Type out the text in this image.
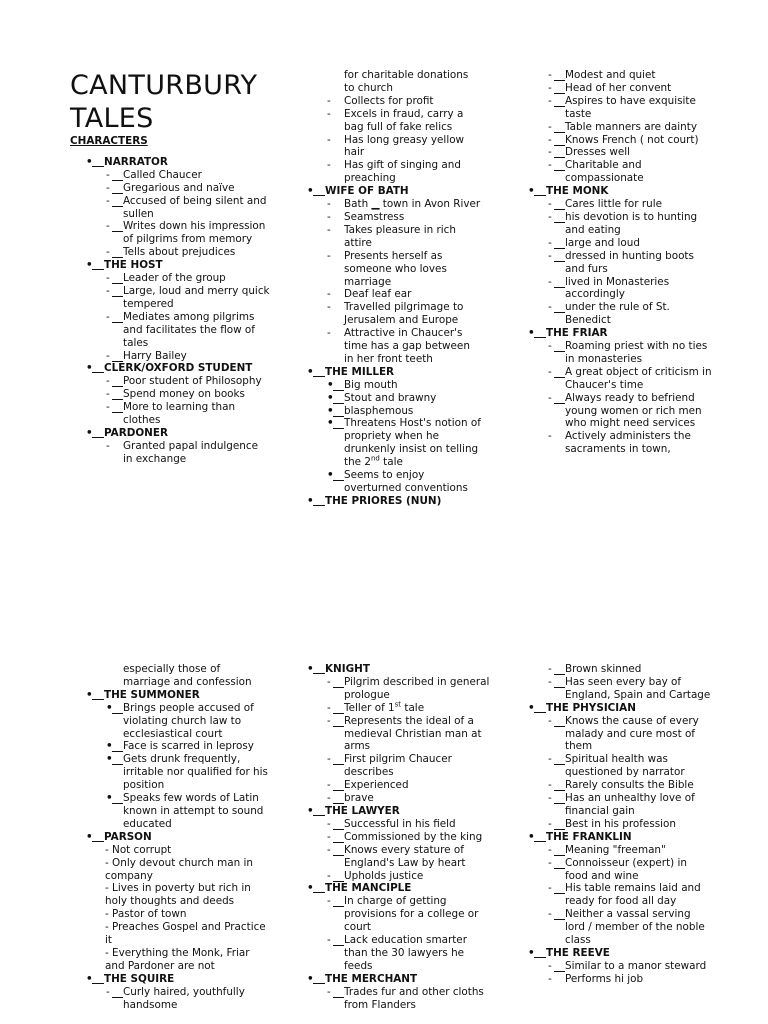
CANTURBURY
TALES

CHARACTERS

• NARRATOR

- Called Chaucer

- Gregarious and naïve

- Accused of being silent and sullen

- Writes down his impression of pilgrims from memory

- Tells about prejudices

• THE HOST

- Leader of the group

- Large, loud and merry quick tempered

- Mediates among pilgrims and facilitates the flow of tales

- Harry Bailey

• CLERK/OXFORD STUDENT

- Poor student of Philosophy

- Spend money on books

- More to learning than clothes

• PARDONER

- Granted papal indulgence in exchange

for charitable donations to church

- Collects for profit

- Excels in fraud, carry a bag full of fake relics

- Has long greasy yellow hair

- Has gift of singing and preaching

• WIFE OF BATH

- Bath ▁ town in Avon River

- Seamstress

- Takes pleasure in rich attire

- Presents herself as someone who loves marriage

- Deaf leaf ear

- Travelled pilgrimage to Jerusalem and Europe

- Attractive in Chaucer's time has a gap between in her front teeth

• THE MILLER

• Big mouth

• Stout and brawny

• blasphemous

• Threatens Host's notion of propriety when he drunkenly insist on telling the 2nd tale

• Seems to enjoy overturned conventions

• THE PRIORES (NUN)

- Modest and quiet

- Head of her convent

- Aspires to have exquisite taste

- Table manners are dainty

- Knows French ( not court)

- Dresses well

- Charitable and compassionate

• THE MONK

- Cares little for rule

- his devotion is to hunting and eating

- large and loud

- dressed in hunting boots and furs

- lived in Monasteries accordingly

- under the rule of St. Benedict

• THE FRIAR

- Roaming priest with no ties in monasteries

- A great object of criticism in Chaucer's time

- Always ready to befriend young women or rich men who might need services

- Actively administers the sacraments in town,

especially those of marriage and confession

• THE SUMMONER

• Brings people accused of violating church law to ecclesiastical court

• Face is scarred in leprosy

• Gets drunk frequently, irritable nor qualified for his position

• Speaks few words of Latin known in attempt to sound educated

• PARSON

- Not corrupt

- Only devout church man in company

- Lives in poverty but rich in holy thoughts and deeds

- Pastor of town

- Preaches Gospel and Practice it

- Everything the Monk, Friar and Pardoner are not

• THE SQUIRE

- Curly haired, youthfully handsome

• KNIGHT

- Pilgrim described in general prologue

- Teller of 1st tale

- Represents the ideal of a medieval Christian man at arms

- First pilgrim Chaucer describes

- Experienced

- brave

• THE LAWYER

- Successful in his field

- Commissioned by the king

- Knows every stature of England's Law by heart

- Upholds justice

• THE MANCIPLE

- In charge of getting provisions for a college or court

- Lack education smarter than the 30 lawyers he feeds

• THE MERCHANT

- Trades fur and other cloths from Flanders

- Brown skinned

- Has seen every bay of England, Spain and Cartage

• THE PHYSICIAN

- Knows the cause of every malady and cure most of them

- Spiritual health was questioned by narrator

- Rarely consults the Bible

- Has an unhealthy love of financial gain

- Best in his profession

• THE FRANKLIN

- Meaning "freeman"

- Connoisseur (expert) in food and wine

- His table remains laid and ready for food all day

- Neither a vassal serving lord / member of the noble class

• THE REEVE

- Similar to a manor steward

- Performs hi job
